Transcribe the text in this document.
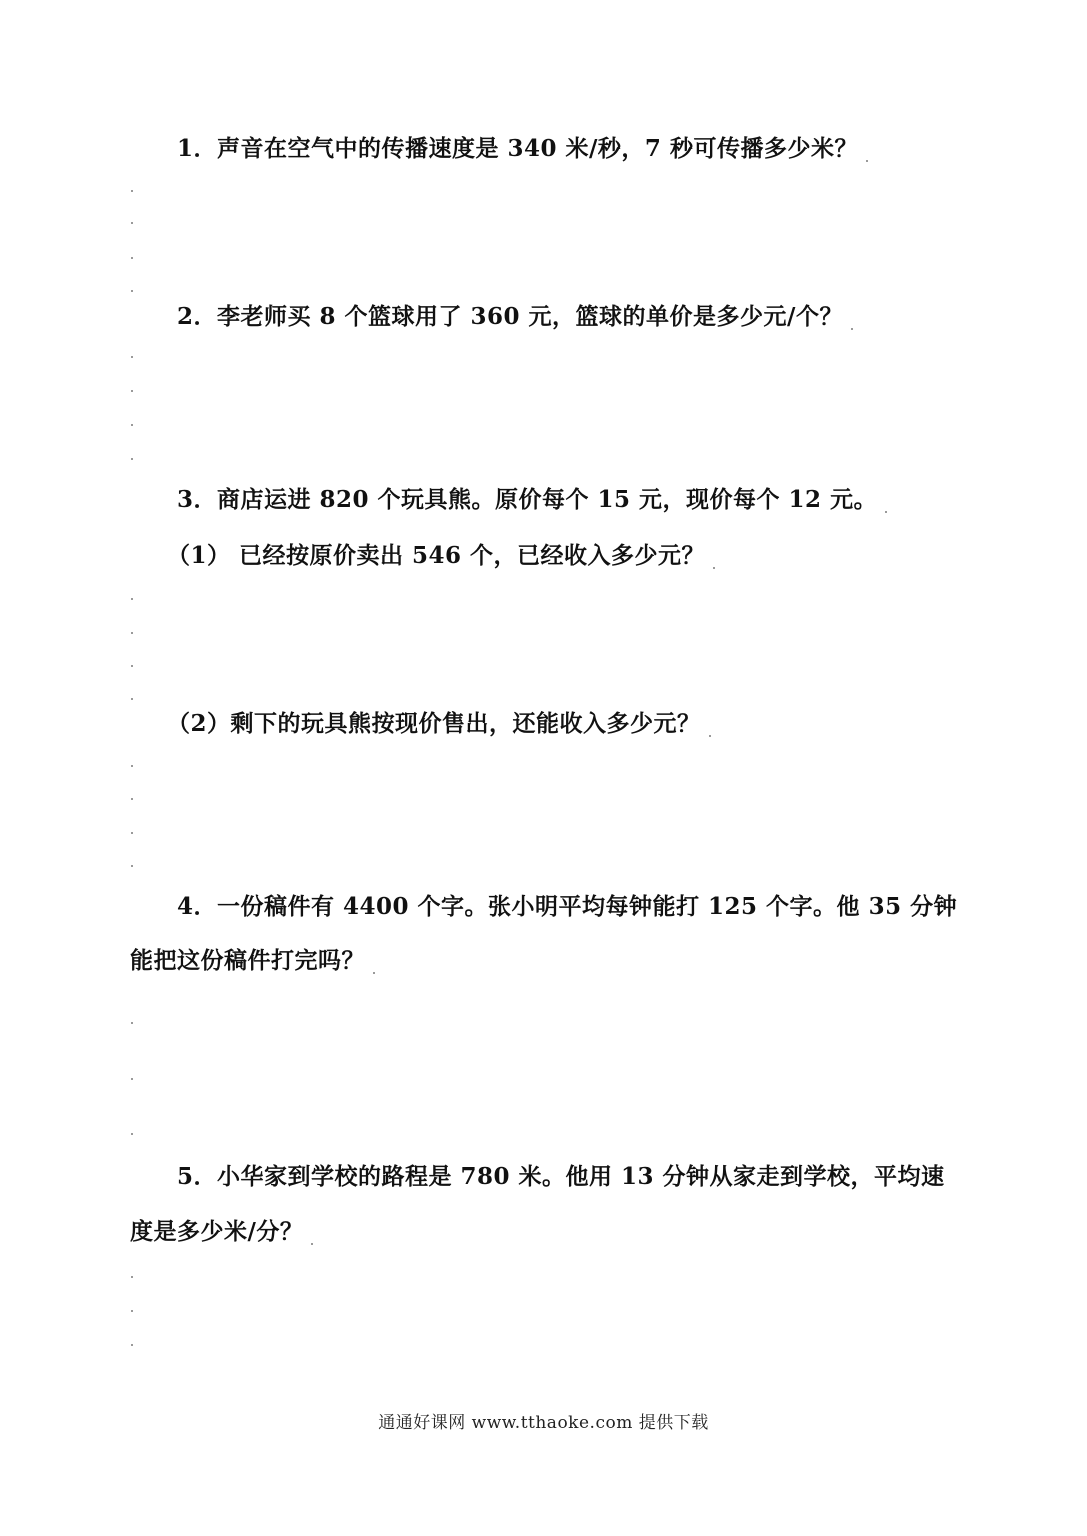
1．声音在空气中的传播速度是 340 米/秒，7 秒可传播多少米？
2．李老师买 8 个篮球用了 360 元，篮球的单价是多少元/个？
3．商店运进 820 个玩具熊。原价每个 15 元，现价每个 12 元。
（1） 已经按原价卖出 546 个，已经收入多少元？
（2）剩下的玩具熊按现价售出，还能收入多少元？
4．一份稿件有 4400 个字。张小明平均每钟能打 125 个字。他 35 分钟
能把这份稿件打完吗？
5．小华家到学校的路程是 780 米。他用 13 分钟从家走到学校，平均速
度是多少米/分？
通通好课网 www.tthaoke.com 提供下载
